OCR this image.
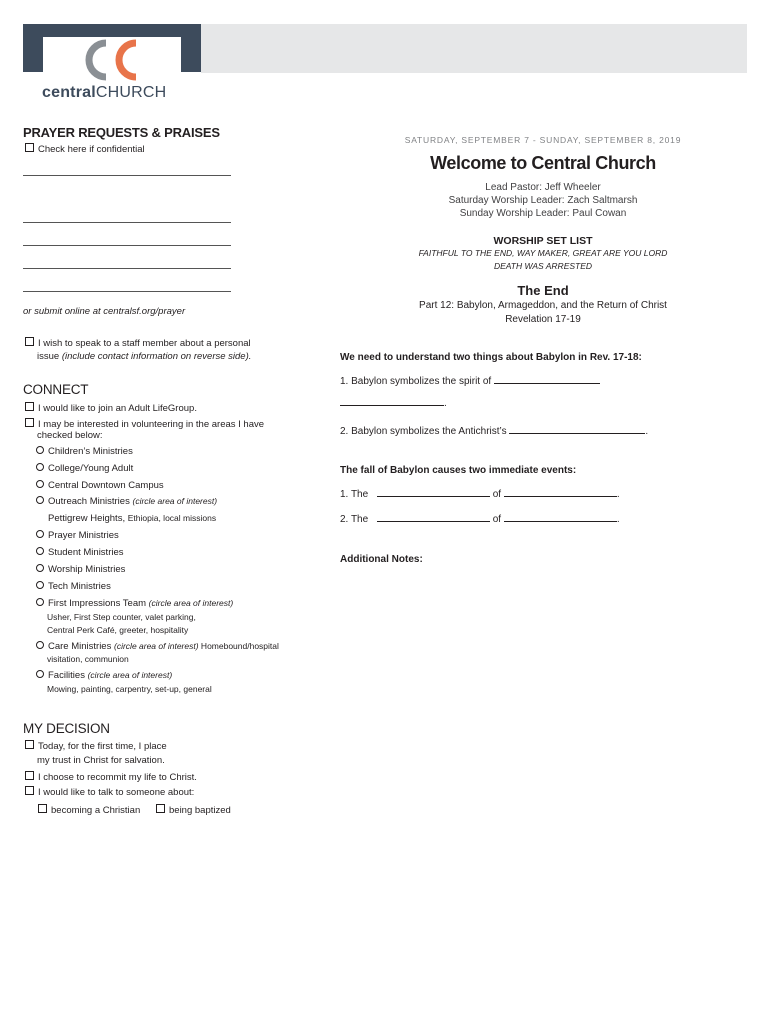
centralCHURCH
PRAYER REQUESTS & PRAISES
Check here if confidential
or submit online at centralsf.org/prayer
I wish to speak to a staff member about a personal
issue (include contact information on reverse side).
CONNECT
I would like to join an Adult LifeGroup.
I may be interested in volunteering in the areas I have
checked below:
Children’s Ministries
College/Young Adult
Central Downtown Campus
Outreach Ministries (circle area of interest)
Pettigrew Heights, Ethiopia, local missions
Prayer Ministries
Student Ministries
Worship Ministries
Tech Ministries
First Impressions Team (circle area of interest)
Usher, First Step counter, valet parking,
Central Perk Café, greeter, hospitality
Care Ministries (circle area of interest) Homebound/hospital
visitation, communion
Facilities (circle area of interest)
Mowing, painting, carpentry, set-up, general
MY DECISION
Today, for the first time, I place
my trust in Christ for salvation.
I choose to recommit my life to Christ.
I would like to talk to someone about:
becoming a Christian	being baptized
SATURDAY, SEPTEMBER 7 - SUNDAY, SEPTEMBER 8, 2019
Welcome to Central Church
Lead Pastor: Jeff Wheeler
Saturday Worship Leader: Zach Saltmarsh
Sunday Worship Leader: Paul Cowan
WORSHIP SET LIST
FAITHFUL TO THE END, WAY MAKER, GREAT ARE YOU LORD
DEATH WAS ARRESTED
The End
Part 12: Babylon, Armageddon, and the Return of Christ
Revelation 17-19
We need to understand two things about Babylon in Rev. 17-18:
1. Babylon symbolizes the spirit of
.
2. Babylon symbolizes the Antichrist’s	.
The fall of Babylon causes two immediate events:
1. The	of	.
2. The	of	.
Additional Notes:
